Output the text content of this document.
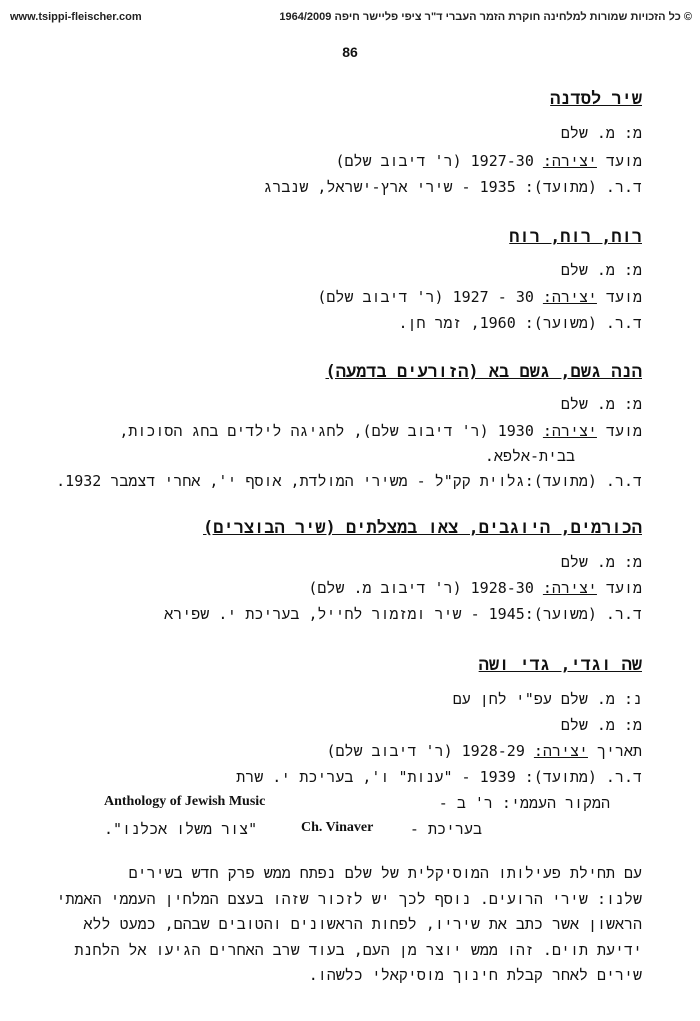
www.tsippi-fleischer.com	© כל הזכויות שמורות למלחינה חוקרת הזמר העברי ד"ר ציפי פליישר חיפה 1964/2009
86
שיר לסדנה
מ: מ. שלם
מועד יצירה: 1927-30 (ר' דיבוב שלם)
ד.ר. (מתועד): 1935 - שירי ארץ-ישראל, שנברג
רוח, רוח, רוח
מ: מ. שלם
מועד יצירה: 30 - 1927 (ר' דיבוב שלם)
ד.ר. (משוער): 1960, זמר חן.
הנה גשם, גשם בא (הזורעים בדמעה)
מ: מ. שלם
מועד יצירה: 1930 (ר' דיבוב שלם), לחגיגה לילדים בחג הסוכות,
בבית-אלפא.
ד.ר. (מתועד):גלוית קק"ל - משירי המולדת, אוסף י', אחרי דצמבר 1932.
הכורמים, היוגבים, צאו במצלתים (שיר הבוצרים)
מ: מ. שלם
מועד יצירה: 1928-30 (ר' דיבוב מ. שלם)
ד.ר. (משוער):1945 - שיר ומזמור לחייל, בעריכת י. שפירא
שה וגדי, גדי ושה
נ: מ. שלם עפ"י לחן עם
מ: מ. שלם
תאריך יצירה: 1928-29 (ר' דיבוב שלם)
ד.ר. (מתועד): 1939 - "ענות" ו', בעריכת י. שרת
המקור העממי: ר' ב -
Anthology of Jewish Music
בעריכת -
Ch. Vinaver
"צור משלו אכלנו".
עם תחילת פעילותו המוסיקלית של שלם נפתח ממש פרק חדש בשירים
שלנו: שירי הרועים. נוסף לכך יש לזכור שזהו בעצם המלחין העממי האמתי
הראשון אשר כתב את שיריו, לפחות הראשונים והטובים שבהם, כמעט ללא
ידיעת תוים. זהו ממש יוצר מן העם, בעוד שרב האחרים הגיעו אל הלחנת
שירים לאחר קבלת חינוך מוסיקאלי כלשהו.
